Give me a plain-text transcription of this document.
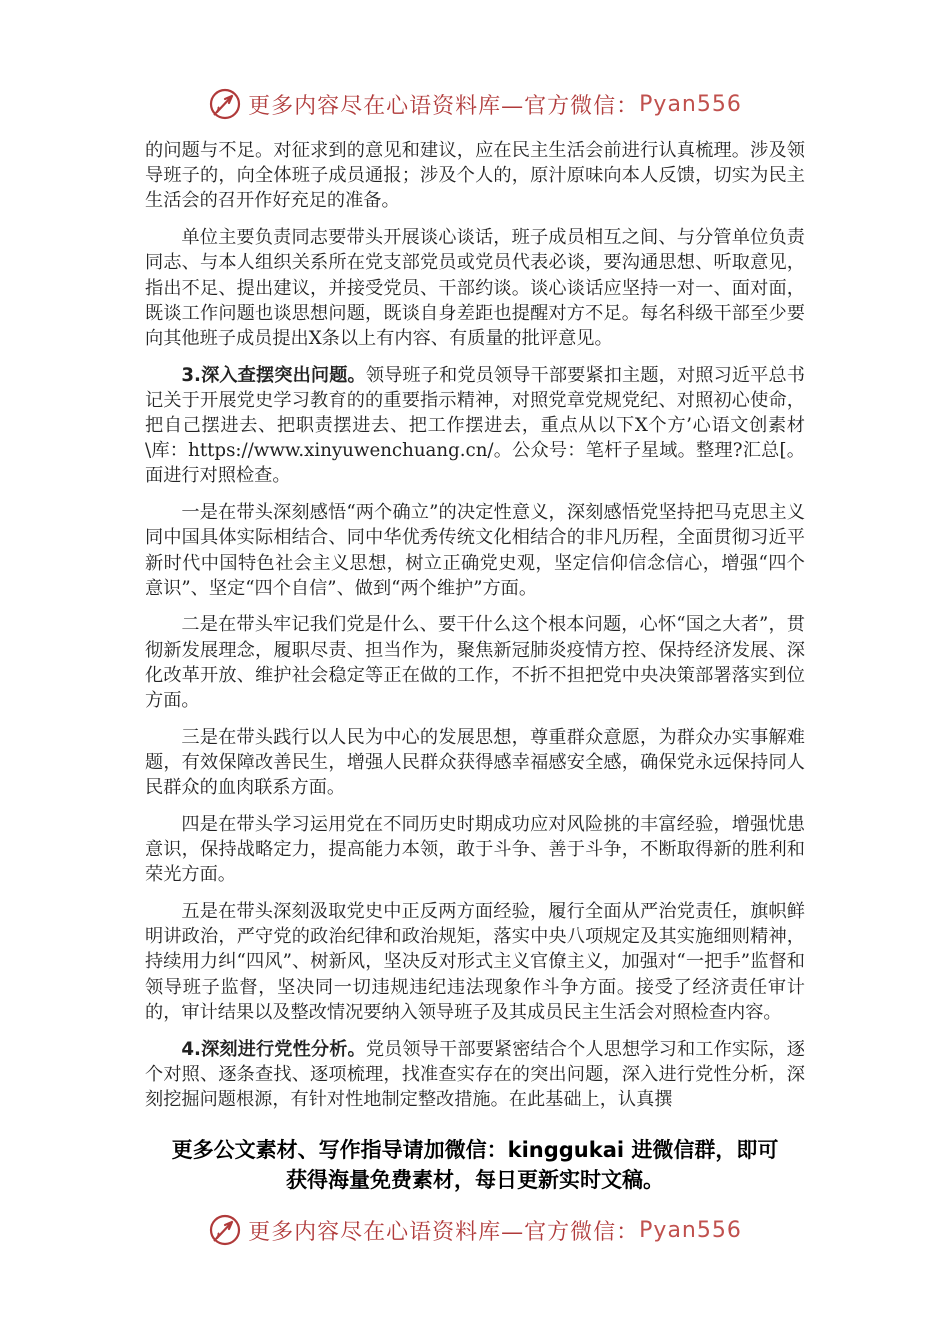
更多内容尽在心语资料库—官方微信： Pyan556

的问题与不足。对征求到的意见和建议，应在民主生活会前进行认真梳理。涉及领导班子的，向全体班子成员通报；涉及个人的，原汁原味向本人反馈，切实为民主生活会的召开作好充足的准备。

单位主要负责同志要带头开展谈心谈话，班子成员相互之间、与分管单位负责同志、与本人组织关系所在党支部党员或党员代表必谈，要沟通思想、听取意见，指出不足、提出建议，并接受党员、干部约谈。谈心谈话应坚持一对一、面对面，既谈工作问题也谈思想问题，既谈自身差距也提醒对方不足。每名科级干部至少要向其他班子成员提出X条以上有内容、有质量的批评意见。

3.深入查摆突出问题。领导班子和党员领导干部要紧扣主题，对照习近平总书记关于开展党史学习教育的的重要指示精神，对照党章党规党纪、对照初心使命，把自己摆进去、把职责摆进去、把工作摆进去，重点从以下X个方’心语文创素材\库：https://www.xinyuwenchuang.cn/。公众号：笔杆子星域。整理?汇总[。面进行对照检查。

一是在带头深刻感悟“两个确立”的决定性意义，深刻感悟党坚持把马克思主义同中国具体实际相结合、同中华优秀传统文化相结合的非凡历程，全面贯彻习近平新时代中国特色社会主义思想，树立正确党史观，坚定信仰信念信心，增强“四个意识”、坚定“四个自信”、做到“两个维护”方面。

二是在带头牢记我们党是什么、要干什么这个根本问题，心怀“国之大者”，贯彻新发展理念，履职尽责、担当作为，聚焦新冠肺炎疫情方控、保持经济发展、深化改革开放、维护社会稳定等正在做的工作，不折不担把党中央决策部署落实到位方面。

三是在带头践行以人民为中心的发展思想，尊重群众意愿，为群众办实事解难题，有效保障改善民生，增强人民群众获得感幸福感安全感，确保党永远保持同人民群众的血肉联系方面。

四是在带头学习运用党在不同历史时期成功应对风险挑的丰富经验，增强忧患意识，保持战略定力，提高能力本领，敢于斗争、善于斗争，不断取得新的胜利和荣光方面。

五是在带头深刻汲取党史中正反两方面经验，履行全面从严治党责任，旗帜鲜明讲政治，严守党的政治纪律和政治规矩，落实中央八项规定及其实施细则精神，持续用力纠“四风”、树新风，坚决反对形式主义官僚主义，加强对“一把手”监督和领导班子监督，坚决同一切违规违纪违法现象作斗争方面。接受了经济责任审计的，审计结果以及整改情况要纳入领导班子及其成员民主生活会对照检查内容。

4.深刻进行党性分析。党员领导干部要紧密结合个人思想学习和工作实际，逐个对照、逐条查找、逐项梳理，找准查实存在的突出问题，深入进行党性分析，深刻挖掘问题根源，有针对性地制定整改措施。在此基础上，认真撰

更多公文素材、写作指导请加微信：kinggukai 进微信群，即可
获得海量免费素材，每日更新实时文稿。
更多内容尽在心语资料库—官方微信： Pyan556
